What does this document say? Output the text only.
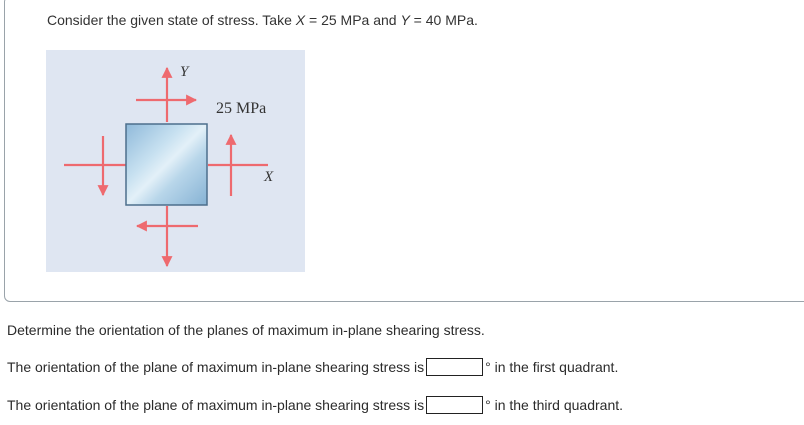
Consider the given state of stress. Take X = 25 MPa and Y = 40 MPa.
Y
25 MPa
X
Determine the orientation of the planes of maximum in-plane shearing stress.
The orientation of the plane of maximum in-plane shearing stress is	° in the first quadrant.
The orientation of the plane of maximum in-plane shearing stress is	° in the third quadrant.
